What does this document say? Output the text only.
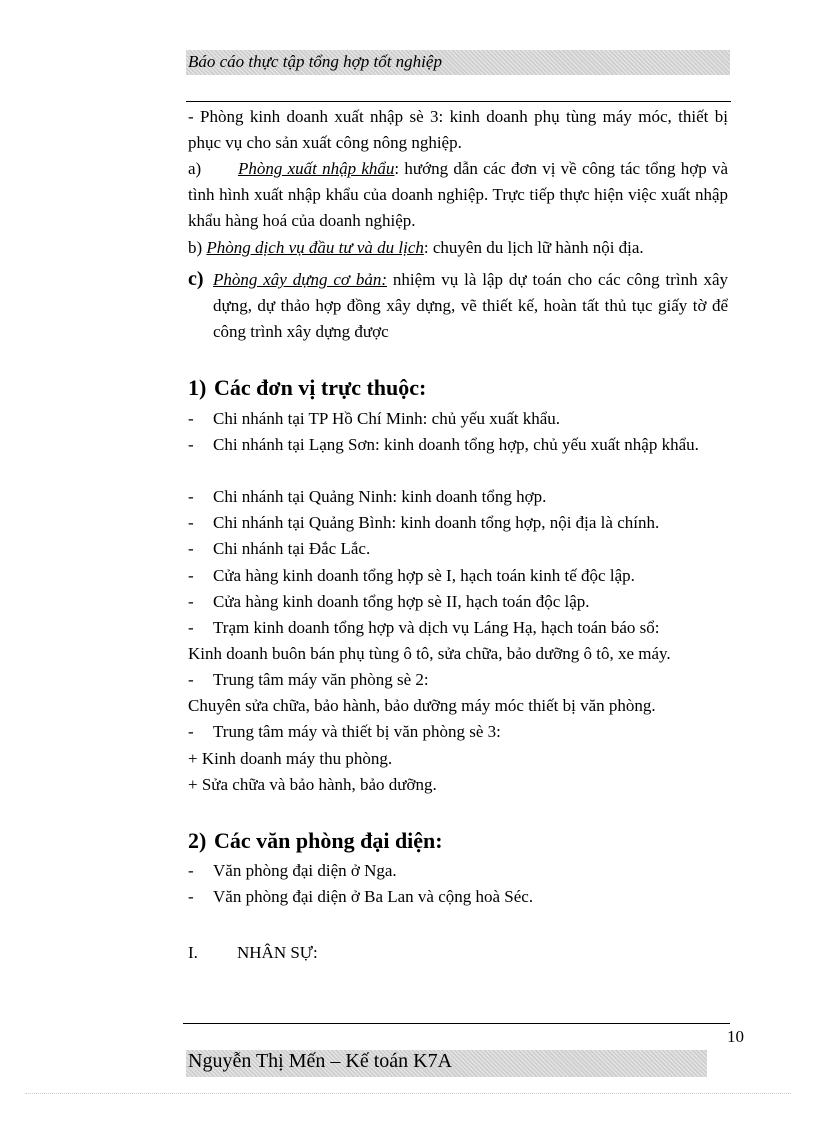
Báo cáo thực tập tổng hợp tốt nghiệp
- Phòng kinh doanh xuất nhập sè 3: kinh doanh phụ tùng máy móc, thiết bị phục vụ cho sản xuất công nông nghiệp.
a)	Phòng xuất nhập khẩu: hướng dẫn các đơn vị về công tác tổng hợp và tình hình xuất nhập khẩu của doanh nghiệp. Trực tiếp thực hiện việc xuất nhập khẩu hàng hoá của doanh nghiệp.
b) Phòng dịch vụ đầu tư và du lịch: chuyên du lịch lữ hành nội địa.
c) Phòng xây dựng cơ bản: nhiệm vụ là lập dự toán cho các công trình xây dựng, dự thảo hợp đồng xây dựng, vẽ thiết kế, hoàn tất thủ tục giấy tờ để công trình xây dựng được
1) Các đơn vị trực thuộc:
- Chi nhánh tại TP Hồ Chí Minh: chủ yếu xuất khẩu.
- Chi nhánh tại Lạng Sơn: kinh doanh tổng hợp, chủ yếu xuất nhập khẩu.
- Chi nhánh tại Quảng Ninh: kinh doanh tổng hợp.
- Chi nhánh tại Quảng Bình: kinh doanh tổng hợp, nội địa là chính.
- Chi nhánh tại Đắc Lắc.
- Cửa hàng kinh doanh tổng hợp sè I, hạch toán kinh tế độc lập.
- Cửa hàng kinh doanh tổng hợp sè II, hạch toán độc lập.
- Trạm kinh doanh tổng hợp và dịch vụ Láng Hạ, hạch toán báo sổ:
Kinh doanh buôn bán phụ tùng ô tô, sửa chữa, bảo dưỡng ô tô, xe máy.
- Trung tâm máy văn phòng sè 2:
Chuyên sửa chữa, bảo hành, bảo dưỡng máy móc thiết bị văn phòng.
- Trung tâm máy và thiết bị văn phòng sè 3:
+ Kinh doanh máy thu phòng.
+ Sửa chữa và bảo hành, bảo dưỡng.
2) Các văn phòng đại diện:
- Văn phòng đại diện ở Nga.
- Văn phòng đại diện ở Ba Lan và cộng hoà Séc.
I. NHÂN SỰ:
10
Nguyễn Thị Mến – Kế toán K7A
